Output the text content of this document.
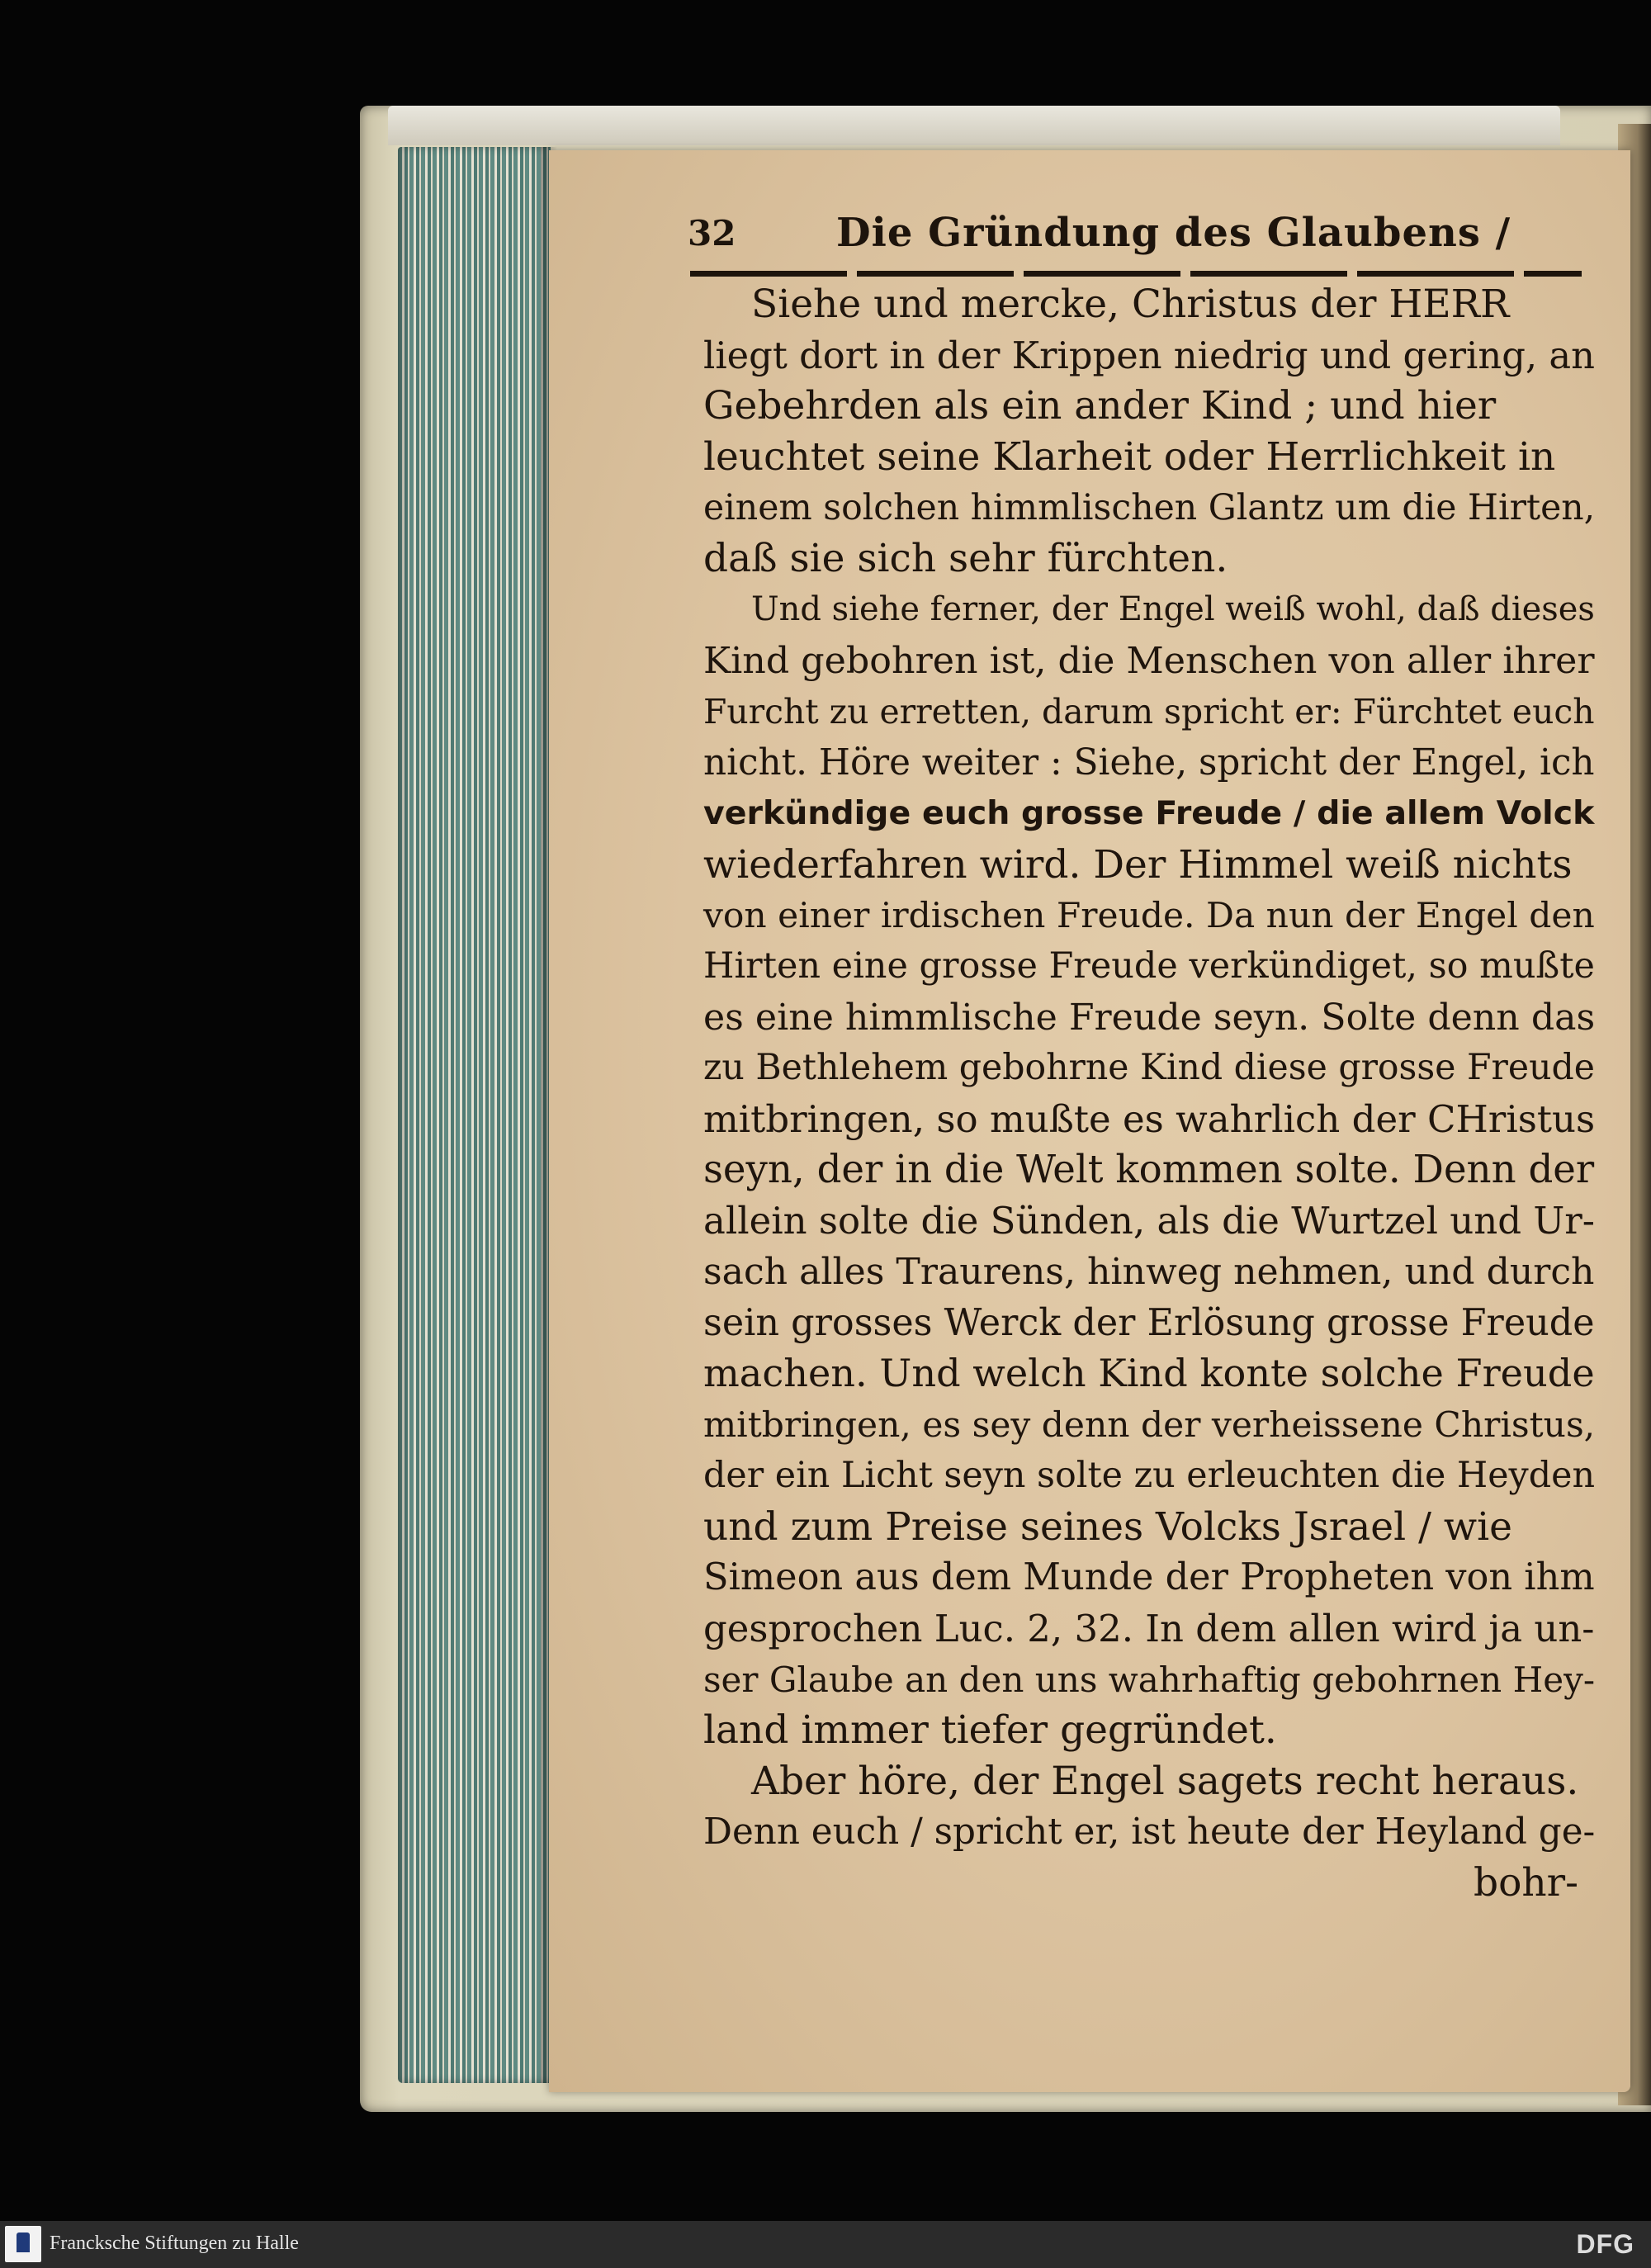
32	Die Gründung des Glaubens /
Siehe und mercke, Christus der HERR
liegt dort in der Krippen niedrig und gering, an
Gebehrden als ein ander Kind ; und hier
leuchtet seine Klarheit oder Herrlichkeit in
einem solchen himmlischen Glantz um die Hirten,
daß sie sich sehr fürchten.
Und siehe ferner, der Engel weiß wohl, daß dieses
Kind gebohren ist, die Menschen von aller ihrer
Furcht zu erretten, darum spricht er: Fürchtet euch
nicht. Höre weiter : Siehe, spricht der Engel, ich
verkündige euch grosse Freude / die allem Volck
wiederfahren wird. Der Himmel weiß nichts
von einer irdischen Freude. Da nun der Engel den
Hirten eine grosse Freude verkündiget, so mußte
es eine himmlische Freude seyn. Solte denn das
zu Bethlehem gebohrne Kind diese grosse Freude
mitbringen, so mußte es wahrlich der CHristus
seyn, der in die Welt kommen solte. Denn der
allein solte die Sünden, als die Wurtzel und Ur-
sach alles Traurens, hinweg nehmen, und durch
sein grosses Werck der Erlösung grosse Freude
machen. Und welch Kind konte solche Freude
mitbringen, es sey denn der verheissene Christus,
der ein Licht seyn solte zu erleuchten die Heyden
und zum Preise seines Volcks Jsrael / wie
Simeon aus dem Munde der Propheten von ihm
gesprochen Luc. 2, 32. In dem allen wird ja un-
ser Glaube an den uns wahrhaftig gebohrnen Hey-
land immer tiefer gegründet.
Aber höre, der Engel sagets recht heraus.
Denn euch / spricht er, ist heute der Heyland ge-
bohr-
Francksche Stiftungen zu Halle	DFG
